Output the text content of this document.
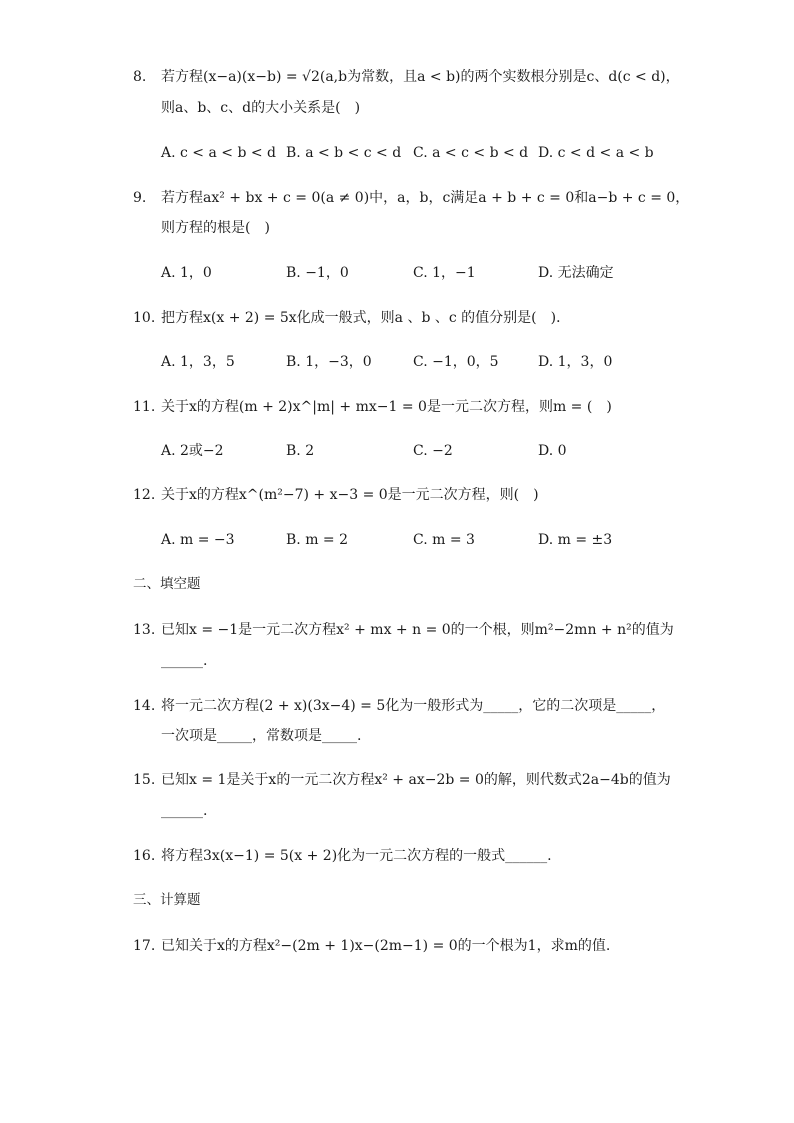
8. 若方程(x−a)(x−b) = √2(a,b为常数，且a < b)的两个实数根分别是c、d(c < d)，
则a、b、c、d的大小关系是(　)
A. c < a < b < d B. a < b < c < d C. a < c < b < d D. c < d < a < b
9. 若方程ax² + bx + c = 0(a ≠ 0)中，a，b，c满足a + b + c = 0和a−b + c = 0，
则方程的根是(　)
A. 1，0	B. −1，0	C. 1，−1	D. 无法确定
10. 把方程x(x + 2) = 5x化成一般式，则a 、b 、c 的值分别是(　)．
A. 1，3，5	B. 1，−3，0	C. −1，0，5	D. 1，3，0
11. 关于x的方程(m + 2)x^|m| + mx−1 = 0是一元二次方程，则m = (　)
A. 2或−2	B. 2	C. −2	D. 0
12. 关于x的方程x^(m²−7) + x−3 = 0是一元二次方程，则(　)
A. m = −3	B. m = 2	C. m = 3	D. m = ±3
二、填空题
13. 已知x = −1是一元二次方程x² + mx + n = 0的一个根，则m²−2mn + n²的值为
______.
14. 将一元二次方程(2 + x)(3x−4) = 5化为一般形式为_____，它的二次项是_____，
一次项是_____，常数项是_____.
15. 已知x = 1是关于x的一元二次方程x² + ax−2b = 0的解，则代数式2a−4b的值为
______.
16. 将方程3x(x−1) = 5(x + 2)化为一元二次方程的一般式______.
三、计算题
17. 已知关于x的方程x²−(2m + 1)x−(2m−1) = 0的一个根为1，求m的值.
